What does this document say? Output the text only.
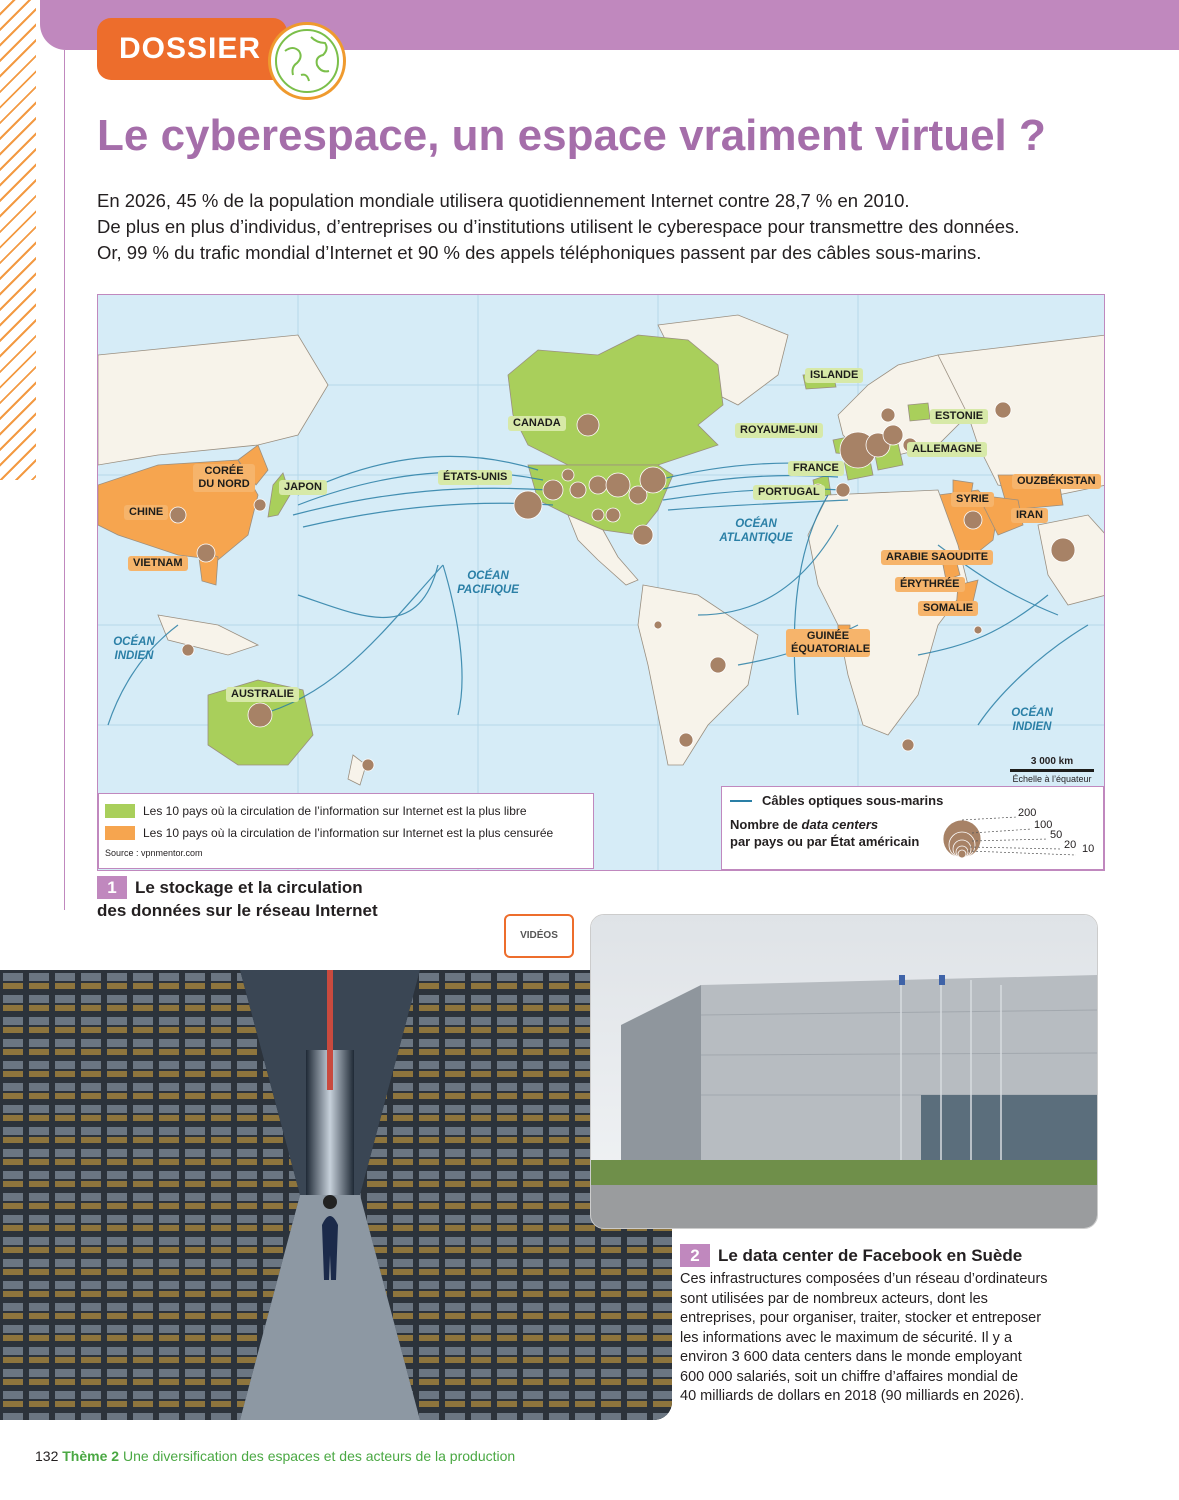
DOSSIER
Le cyberespace, un espace vraiment virtuel ?

En 2026, 45 % de la population mondiale utilisera quotidiennement Internet contre 28,7 % en 2010.

De plus en plus d’individus, d’entreprises ou d’institutions utilisent le cyberespace pour transmettre des données.

Or, 99 % du trafic mondial d’Internet et 90 % des appels téléphoniques passent par des câbles sous-marins.

ISLANDE
ESTONIE
CANADA
ROYAUME-UNI
ALLEMAGNE
FRANCE
ÉTATS-UNIS
PORTUGAL
JAPON
AUSTRALIE
CORÉE DU NORD
CHINE
VIETNAM
OUZBÉKISTAN
SYRIE
IRAN
ARABIE SAOUDITE
ÉRYTHRÉE
SOMALIE
GUINÉE ÉQUATORIALE
OCÉAN ATLANTIQUE
OCÉAN PACIFIQUE
OCÉAN INDIEN
OCÉAN INDIEN
3 000 km
Échelle à l’équateur
Les 10 pays où la circulation de l’information sur Internet est la plus libre
Les 10 pays où la circulation de l’information sur Internet est la plus censurée
Source : vpnmentor.com
Câbles optiques sous-marins
Nombre de data centers
par pays ou par État américain
200
100
50
20 10
1 Le stockage et la circulation
des données sur le réseau Internet
VIDÉOS
2 Le data center de Facebook en Suède
Ces infrastructures composées d’un réseau d’ordinateurs
sont utilisées par de nombreux acteurs, dont les
entreprises, pour organiser, traiter, stocker et entreposer
les informations avec le maximum de sécurité. Il y a
environ 3 600 data centers dans le monde employant
600 000 salariés, soit un chiffre d’affaires mondial de
40 milliards de dollars en 2018 (90 milliards en 2026).
132 Thème 2 Une diversification des espaces et des acteurs de la production
